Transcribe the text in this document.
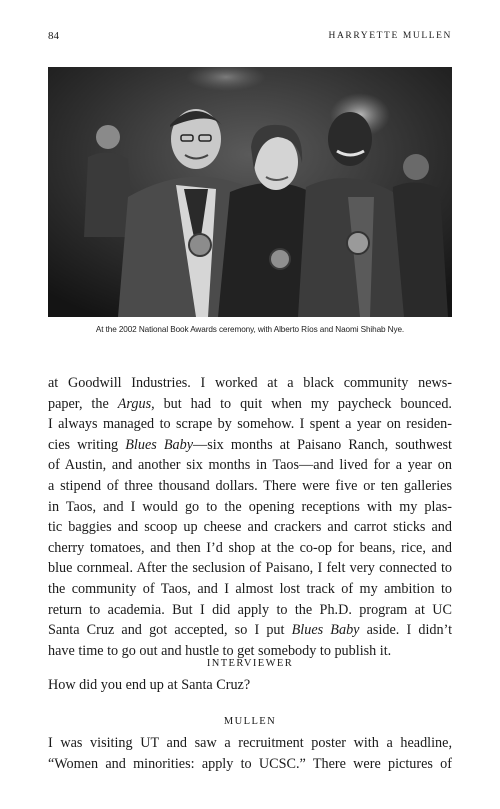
84	HARRYETTE MULLEN
At the 2002 National Book Awards ceremony, with Alberto Ríos and Naomi Shihab Nye.
at Goodwill Industries. I worked at a black community news-
paper, the Argus, but had to quit when my paycheck bounced.
I always managed to scrape by somehow. I spent a year on residen-
cies writing Blues Baby—six months at Paisano Ranch, southwest
of Austin, and another six months in Taos—and lived for a year on
a stipend of three thousand dollars. There were five or ten galleries
in Taos, and I would go to the opening receptions with my plas-
tic baggies and scoop up cheese and crackers and carrot sticks and
cherry tomatoes, and then I’d shop at the co-op for beans, rice, and
blue cornmeal. After the seclusion of Paisano, I felt very connected to
the community of Taos, and I almost lost track of my ambition to
return to academia. But I did apply to the Ph.D. program at UC
Santa Cruz and got accepted, so I put Blues Baby aside. I didn’t
have time to go out and hustle to get somebody to publish it.
INTERVIEWER
How did you end up at Santa Cruz?
MULLEN
I was visiting UT and saw a recruitment poster with a headline,
“Women and minorities: apply to UCSC.” There were pictures of
